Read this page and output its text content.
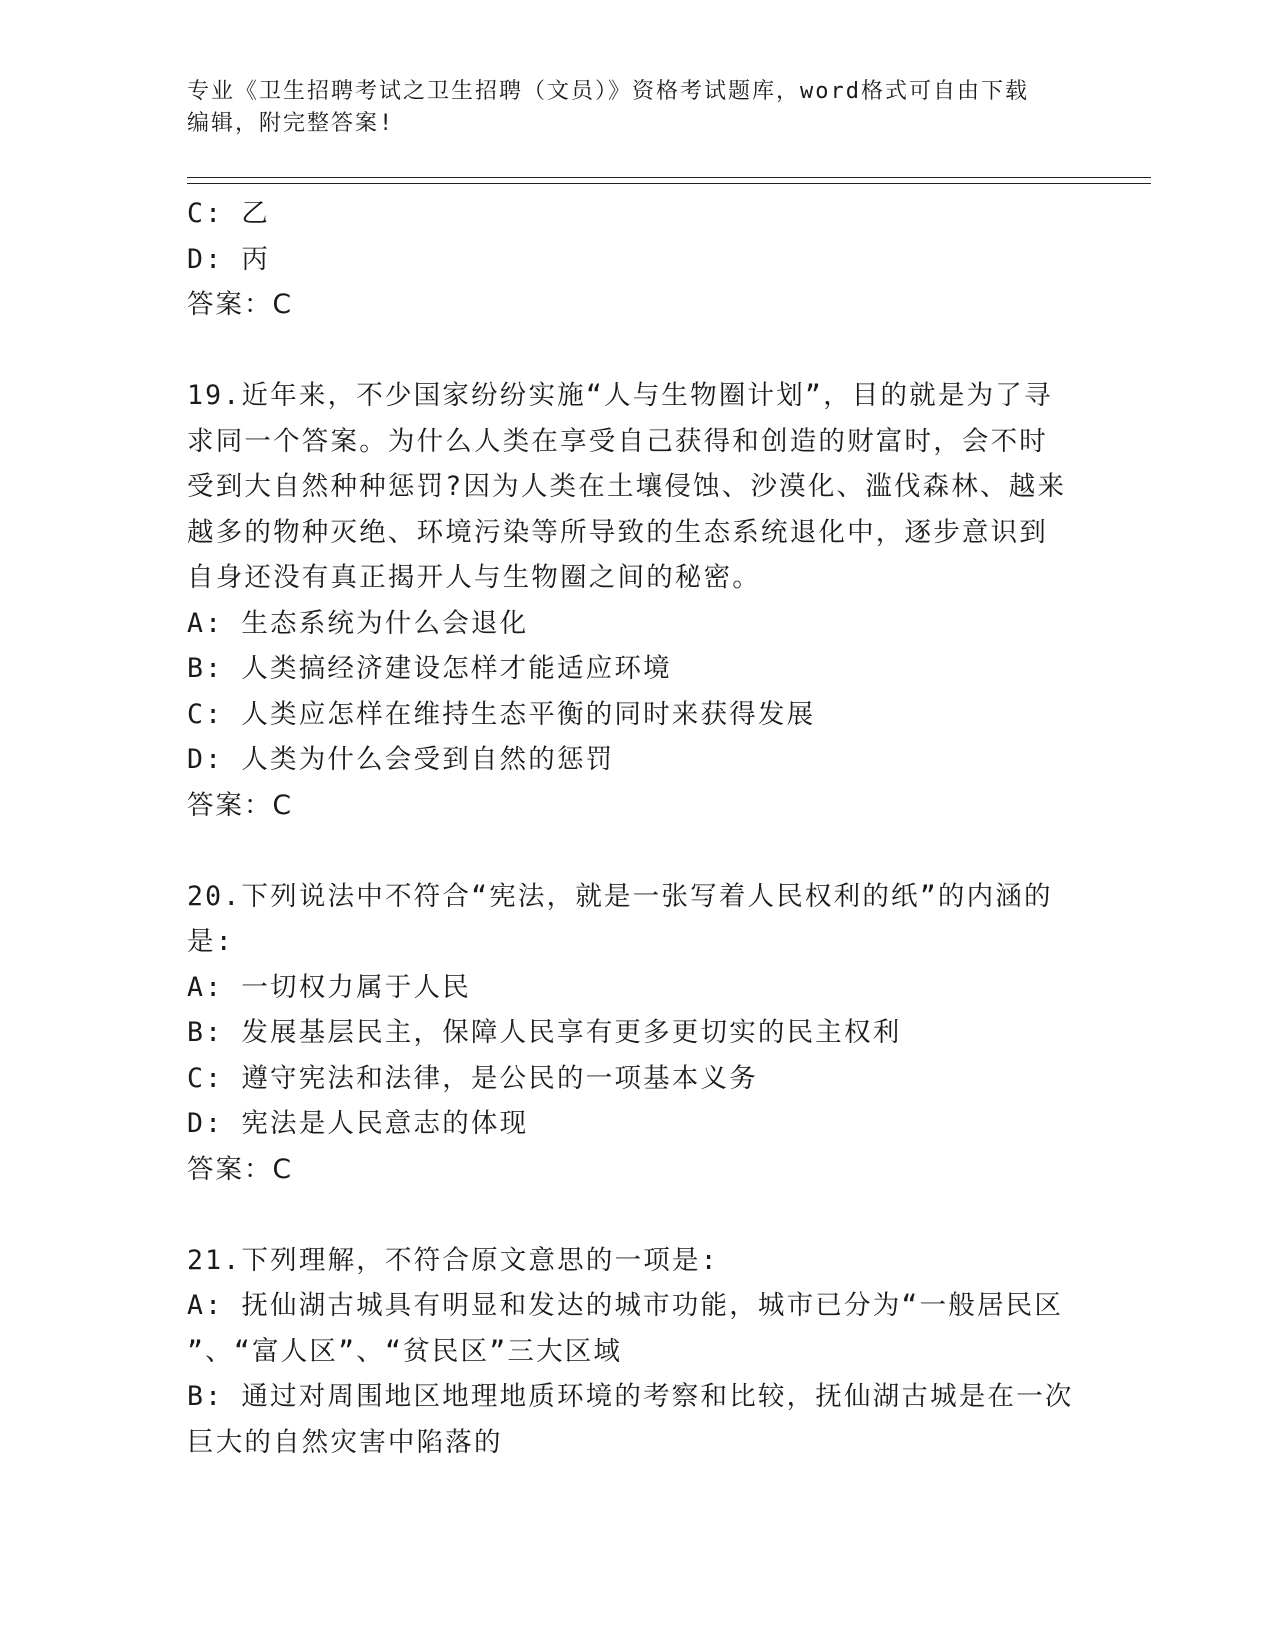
专业《卫生招聘考试之卫生招聘（文员）》资格考试题库，word格式可自由下载
编辑，附完整答案!
C: 乙
D: 丙
答案：C
19.近年来，不少国家纷纷实施“人与生物圈计划”，目的就是为了寻
求同一个答案。为什么人类在享受自己获得和创造的财富时，会不时
受到大自然种种惩罚?因为人类在土壤侵蚀、沙漠化、滥伐森林、越来
越多的物种灭绝、环境污染等所导致的生态系统退化中，逐步意识到
自身还没有真正揭开人与生物圈之间的秘密。
A: 生态系统为什么会退化
B: 人类搞经济建设怎样才能适应环境
C: 人类应怎样在维持生态平衡的同时来获得发展
D: 人类为什么会受到自然的惩罚
答案：C
20.下列说法中不符合“宪法，就是一张写着人民权利的纸”的内涵的
是:
A: 一切权力属于人民
B: 发展基层民主，保障人民享有更多更切实的民主权利
C: 遵守宪法和法律，是公民的一项基本义务
D: 宪法是人民意志的体现
答案：C
21.下列理解，不符合原文意思的一项是:
A: 抚仙湖古城具有明显和发达的城市功能，城市已分为“一般居民区
”、“富人区”、“贫民区”三大区域
B: 通过对周围地区地理地质环境的考察和比较，抚仙湖古城是在一次
巨大的自然灾害中陷落的
